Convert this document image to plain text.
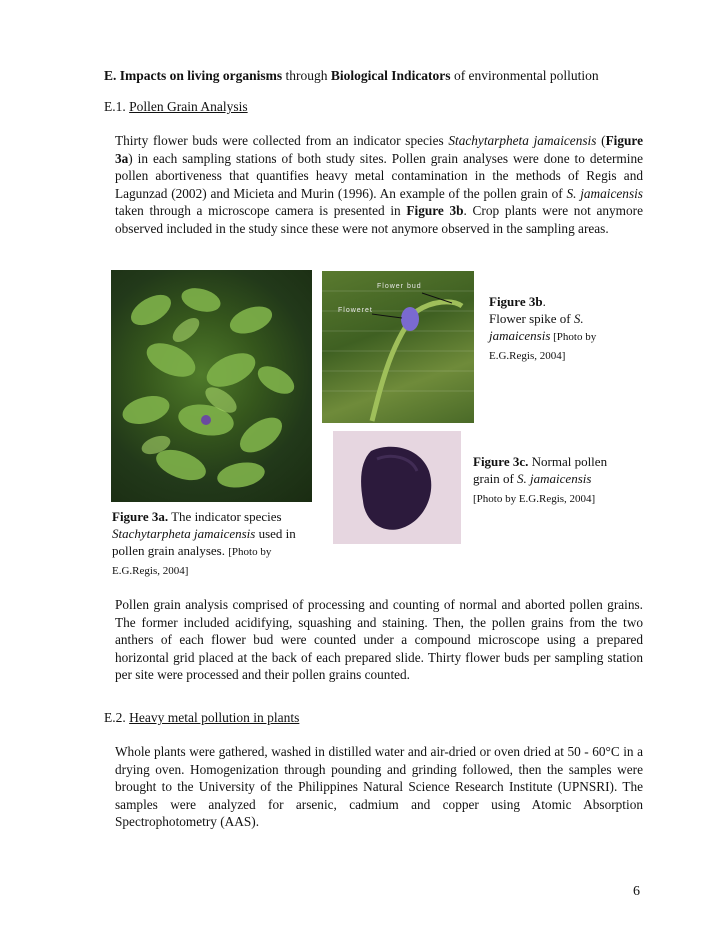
E. Impacts on living organisms through Biological Indicators of environmental pollution
E.1. Pollen Grain Analysis
Thirty flower buds were collected from an indicator species Stachytarpheta jamaicensis (Figure 3a) in each sampling stations of both study sites. Pollen grain analyses were done to determine pollen abortiveness that quantifies heavy metal contamination in the methods of Regis and Lagunzad (2002) and Micieta and Murin (1996). An example of the pollen grain of S. jamaicensis taken through a microscope camera is presented in Figure 3b. Crop plants were not anymore observed included in the study since these were not anymore observed in the sampling areas.
Flower bud
Floweret
Figure 3b.
Flower spike of S. jamaicensis [Photo by E.G.Regis, 2004]
Figure 3c. Normal pollen grain of S. jamaicensis [Photo by E.G.Regis, 2004]
Figure 3a. The indicator species Stachytarpheta jamaicensis used in pollen grain analyses. [Photo by E.G.Regis, 2004]
Pollen grain analysis comprised of processing and counting of normal and aborted pollen grains. The former included acidifying, squashing and staining. Then, the pollen grains from the two anthers of each flower bud were counted under a compound microscope using a prepared horizontal grid placed at the back of each prepared slide. Thirty flower buds per sampling station per site were processed and their pollen grains counted.
E.2. Heavy metal pollution in plants
Whole plants were gathered, washed in distilled water and air-dried or oven dried at 50 - 60°C in a drying oven. Homogenization through pounding and grinding followed, then the samples were brought to the University of the Philippines Natural Science Research Institute (UPNSRI). The samples were analyzed for arsenic, cadmium and copper using Atomic Absorption Spectrophotometry (AAS).
6
